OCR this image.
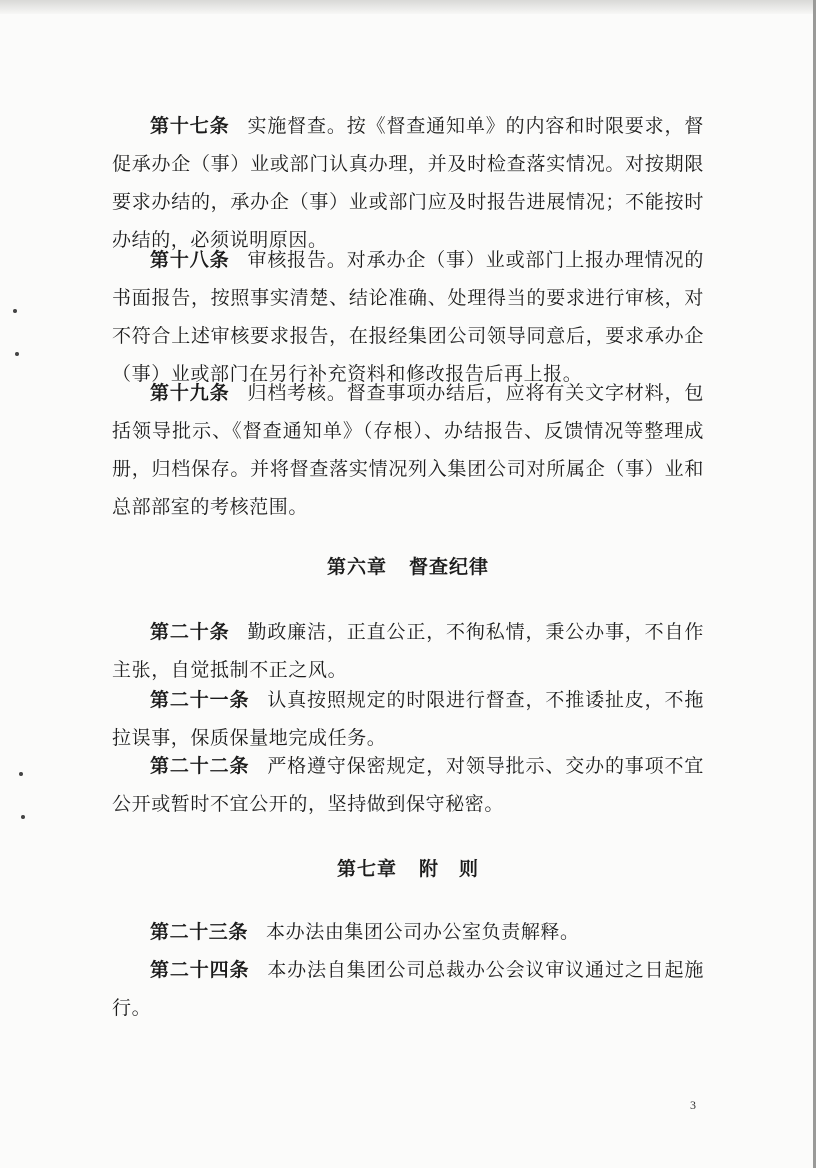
第十七条 实施督查。按《督查通知单》的内容和时限要求，督促承办企（事）业或部门认真办理，并及时检查落实情况。对按期限要求办结的，承办企（事）业或部门应及时报告进展情况；不能按时办结的，必须说明原因。

第十八条 审核报告。对承办企（事）业或部门上报办理情况的书面报告，按照事实清楚、结论准确、处理得当的要求进行审核，对不符合上述审核要求报告，在报经集团公司领导同意后，要求承办企（事）业或部门在另行补充资料和修改报告后再上报。

第十九条 归档考核。督查事项办结后，应将有关文字材料，包括领导批示、《督查通知单》（存根）、办结报告、反馈情况等整理成册，归档保存。并将督查落实情况列入集团公司对所属企（事）业和总部部室的考核范围。

第六章 督查纪律

第二十条 勤政廉洁，正直公正，不徇私情，秉公办事，不自作主张，自觉抵制不正之风。

第二十一条 认真按照规定的时限进行督查，不推诿扯皮，不拖拉误事，保质保量地完成任务。

第二十二条 严格遵守保密规定，对领导批示、交办的事项不宜公开或暂时不宜公开的，坚持做到保守秘密。

第七章 附　则

第二十三条 本办法由集团公司办公室负责解释。

第二十四条 本办法自集团公司总裁办公会议审议通过之日起施行。

3
